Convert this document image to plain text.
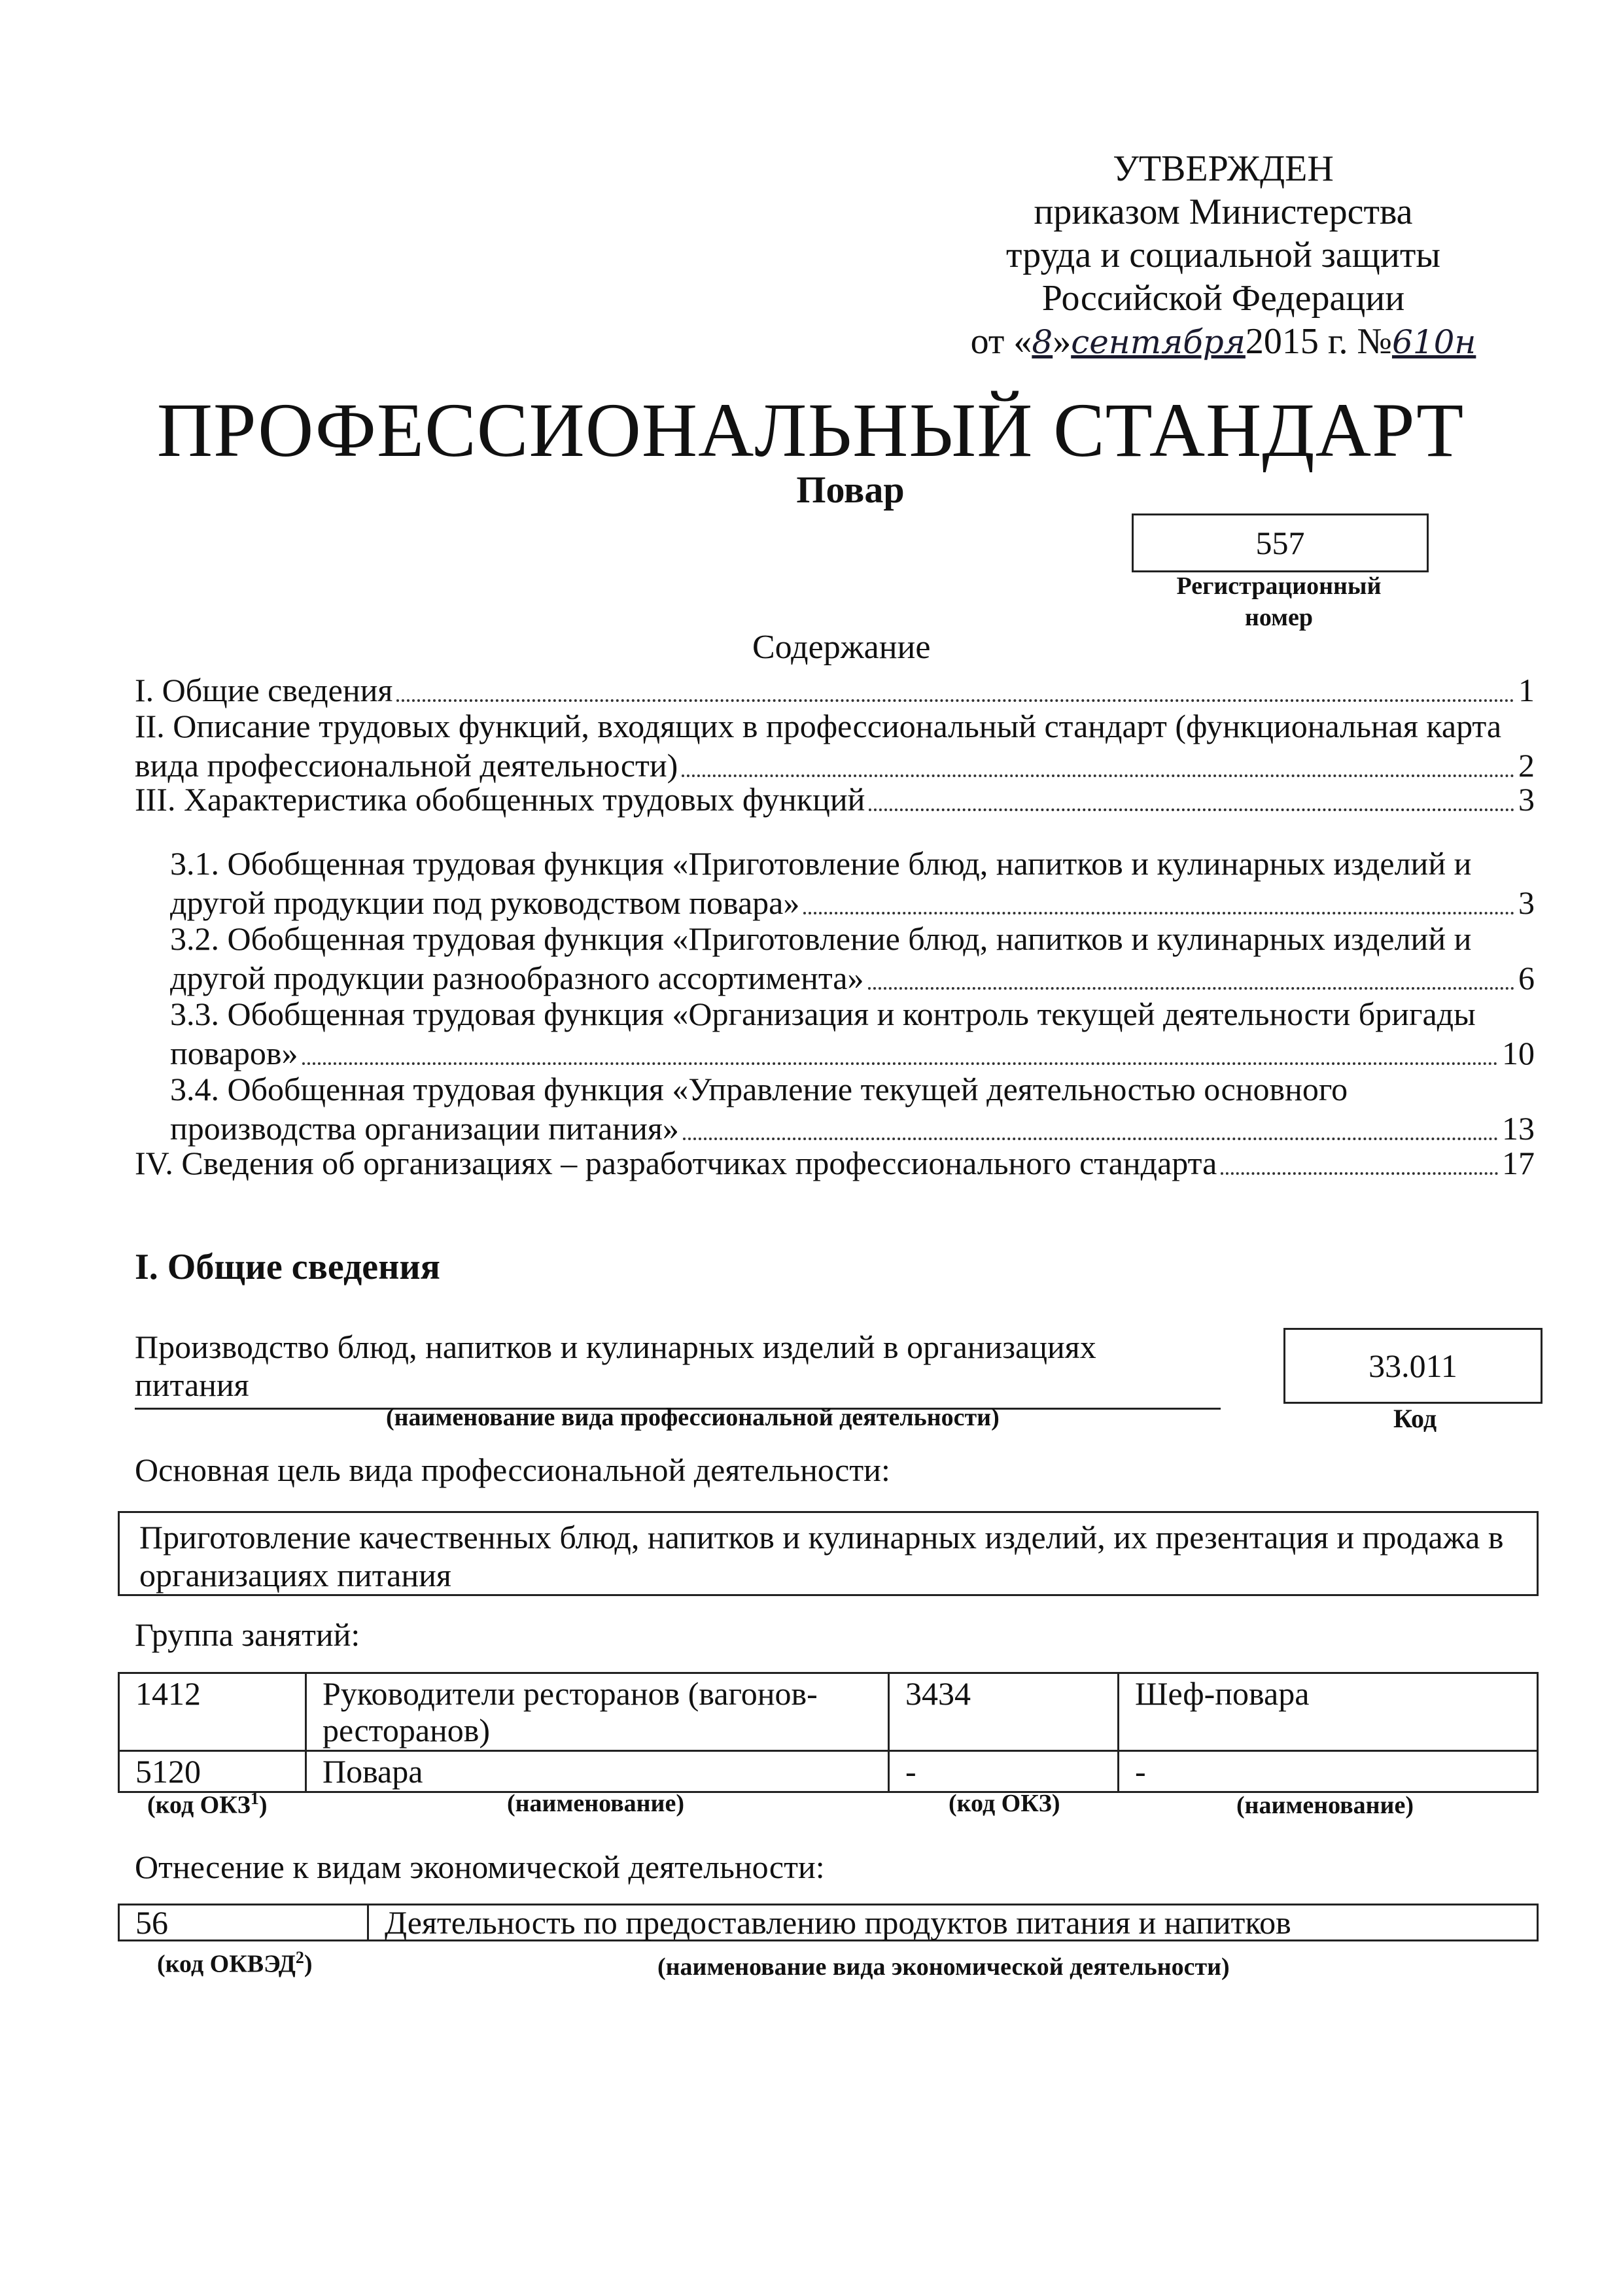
УТВЕРЖДЕН
приказом Министерства
труда и социальной защиты
Российской Федерации
от «8»сентября2015 г. №610н
ПРОФЕССИОНАЛЬНЫЙ СТАНДАРТ
Повар
557
Регистрационный
номер
Содержание
I. Общие сведения	1
II. Описание трудовых функций, входящих в профессиональный стандарт (функциональная карта
вида профессиональной деятельности)	2
III. Характеристика обобщенных трудовых функций	3
3.1. Обобщенная трудовая функция «Приготовление блюд, напитков и кулинарных изделий и
другой продукции под руководством повара»	3
3.2. Обобщенная трудовая функция «Приготовление блюд, напитков и кулинарных изделий и
другой продукции разнообразного ассортимента»	6
3.3. Обобщенная трудовая функция «Организация и контроль текущей деятельности бригады
поваров»	10
3.4. Обобщенная трудовая функция «Управление текущей деятельностью основного
производства организации питания»	13
IV. Сведения об организациях – разработчиках профессионального стандарта	17
I. Общие сведения
Производство блюд, напитков и кулинарных изделий в организациях
питания
(наименование вида профессиональной деятельности)
33.011
Код
Основная цель вида профессиональной деятельности:
Приготовление качественных блюд, напитков и кулинарных изделий, их презентация и продажа в
организациях питания
Группа занятий:
1412	Руководители ресторанов (вагонов-
ресторанов)	3434	Шеф-повара
5120	Повара	-	-
(код ОКЗ$^1$)	(наименование)	(код ОКЗ)	(наименование)
Отнесение к видам экономической деятельности:
56	Деятельность по предоставлению продуктов питания и напитков
(код ОКВЭД$^2$)	(наименование вида экономической деятельности)
